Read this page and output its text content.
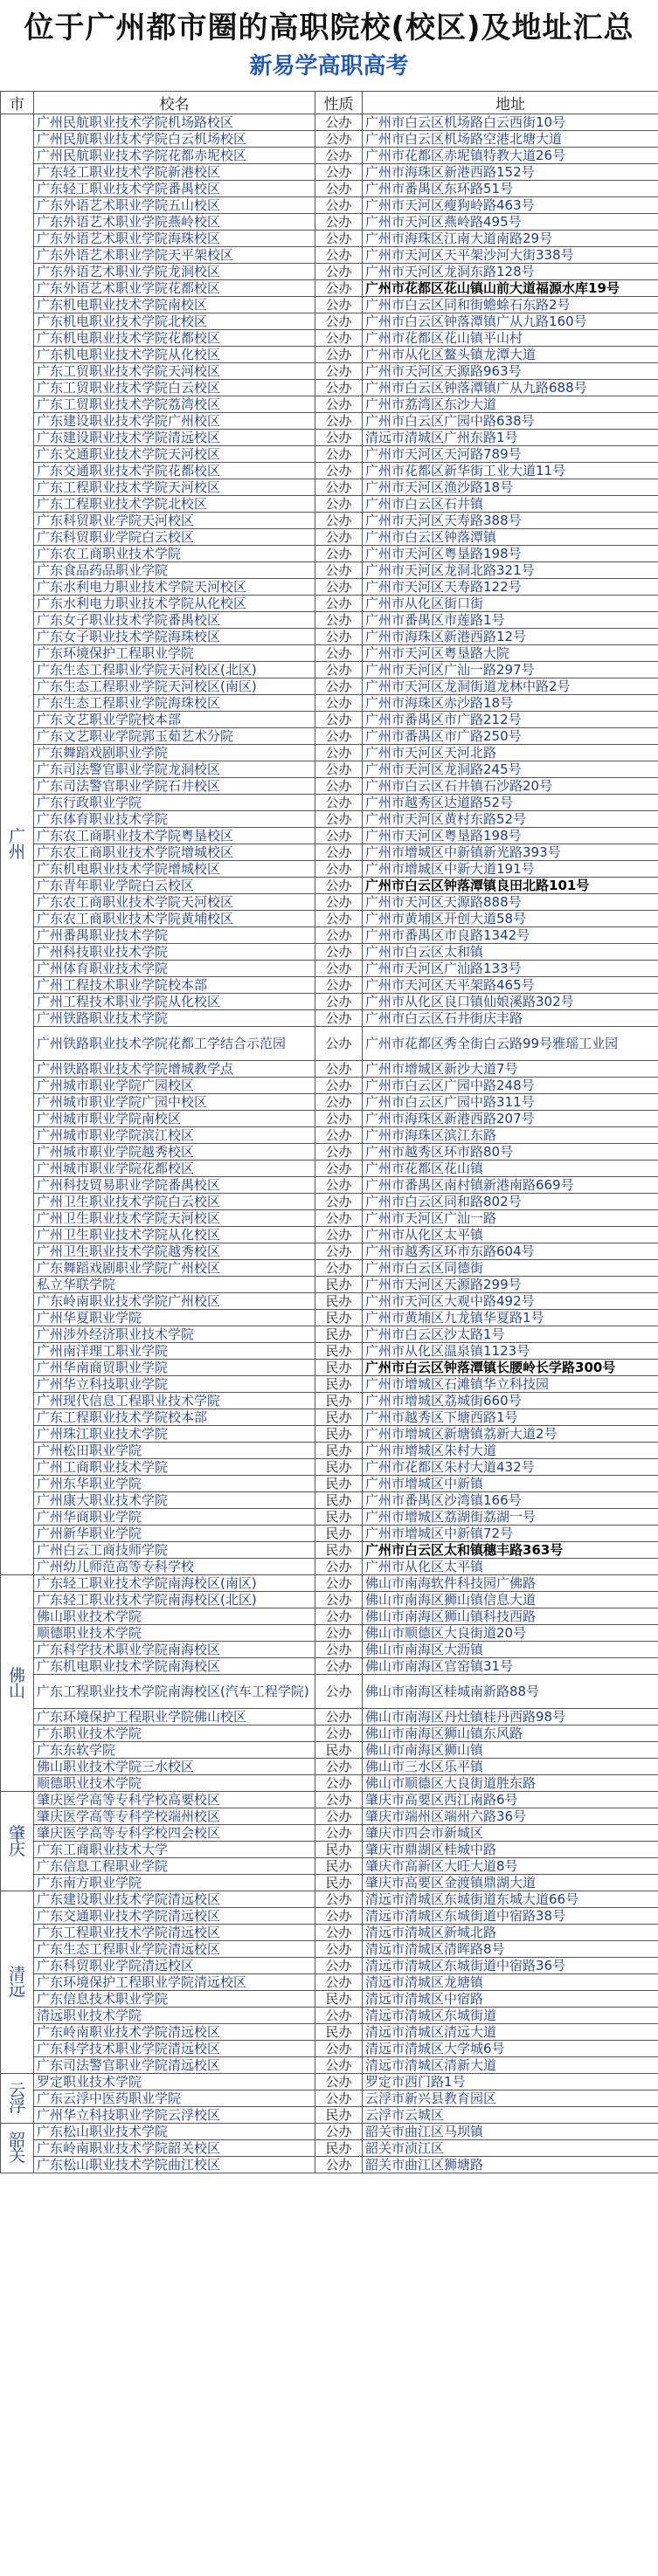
位于广州都市圈的高职院校(校区)及地址汇总
新易学高职高考
市	校名	性质	地址
广州	广州民航职业技术学院机场路校区	公办	广州市白云区机场路白云西街10号
	广州民航职业技术学院白云机场校区	公办	广州市白云区机场路空港北塘大道
	广州民航职业技术学院花都赤坭校区	公办	广州市花都区赤坭镇特教大道26号
	广东轻工职业技术学院新港校区	公办	广州市海珠区新港西路152号
	广东轻工职业技术学院番禺校区	公办	广州市番禺区东环路51号
	广东外语艺术职业学院五山校区	公办	广州市天河区瘦狗岭路463号
	广东外语艺术职业学院燕岭校区	公办	广州市天河区燕岭路495号
	广东外语艺术职业学院海珠校区	公办	广州市海珠区江南大道南路29号
	广东外语艺术职业学院天平架校区	公办	广州市天河区天平架沙河大街338号
	广东外语艺术职业学院龙洞校区	公办	广州市天河区龙洞东路128号
	广东外语艺术职业学院花都校区	公办	广州市花都区花山镇山前大道福源水库19号
	广东机电职业技术学院南校区	公办	广州市白云区同和街蟾蜍石东路2号
	广东机电职业技术学院北校区	公办	广州市白云区钟落潭镇广从九路160号
	广东机电职业技术学院花都校区	公办	广州市花都区花山镇平山村
	广东机电职业技术学院从化校区	公办	广州市从化区鳌头镇龙潭大道
	广东工贸职业技术学院天河校区	公办	广州市天河区天源路963号
	广东工贸职业技术学院白云校区	公办	广州市白云区钟落潭镇广从九路688号
	广东工贸职业技术学院荔湾校区	公办	广州市荔湾区东沙大道
	广东建设职业技术学院广州校区	公办	广州市白云区广园中路638号
	广东建设职业技术学院清远校区	公办	清远市清城区广州东路1号
	广东交通职业技术学院天河校区	公办	广州市天河区天河路789号
	广东交通职业技术学院花都校区	公办	广州市花都区新华街工业大道11号
	广东工程职业技术学院天河校区	公办	广州市天河区渔沙路18号
	广东工程职业技术学院北校区	公办	广州市白云区石井镇
	广东科贸职业学院天河校区	公办	广州市天河区天寿路388号
	广东科贸职业学院白云校区	公办	广州市白云区钟落潭镇
	广东农工商职业技术学院	公办	广州市天河区粤垦路198号
	广东食品药品职业学院	公办	广州市天河区龙洞北路321号
	广东水利电力职业技术学院天河校区	公办	广州市天河区天寿路122号
	广东水利电力职业技术学院从化校区	公办	广州市从化区街口街
	广东女子职业技术学院番禺校区	公办	广州市番禺区市莲路1号
	广东女子职业技术学院海珠校区	公办	广州市海珠区新港西路12号
	广东环境保护工程职业学院	公办	广州市天河区粤垦路大院
	广东生态工程职业学院天河校区(北区)	公办	广州市天河区广汕一路297号
	广东生态工程职业学院天河校区(南区)	公办	广州市天河区龙洞街道龙林中路2号
	广东生态工程职业学院海珠校区	公办	广州市海珠区赤沙路18号
	广东文艺职业学院校本部	公办	广州市番禺区市广路212号
	广东文艺职业学院郭玉茹艺术分院	公办	广州市番禺区市广路250号
	广东舞蹈戏剧职业学院	公办	广州市天河区天河北路
	广东司法警官职业学院龙洞校区	公办	广州市天河区龙洞路245号
	广东司法警官职业学院石井校区	公办	广州市白云区石井镇石沙路20号
	广东行政职业学院	公办	广州市越秀区达道路52号
	广东体育职业技术学院	公办	广州市天河区黄村东路52号
	广东农工商职业技术学院粤垦校区	公办	广州市天河区粤垦路198号
	广东农工商职业技术学院增城校区	公办	广州市增城区中新镇新光路393号
	广东机电职业技术学院增城校区	公办	广州市增城区中新大道191号
	广东青年职业学院白云校区	公办	广州市白云区钟落潭镇良田北路101号
	广东农工商职业技术学院天河校区	公办	广州市天河区天源路888号
	广东农工商职业技术学院黄埔校区	公办	广州市黄埔区开创大道58号
	广州番禺职业技术学院	公办	广州市番禺区市良路1342号
	广州科技职业技术学院	公办	广州市白云区太和镇
	广州体育职业技术学院	公办	广州市天河区广汕路133号
	广州工程技术职业学院校本部	公办	广州市天河区天平架路465号
	广州工程技术职业学院从化校区	公办	广州市从化区良口镇仙娘溪路302号
	广州铁路职业技术学院	公办	广州市白云区石井街庆丰路
	广州铁路职业技术学院花都工学结合示范园	公办	广州市花都区秀全街白云路99号雅瑶工业园
	广州铁路职业技术学院增城教学点	公办	广州市增城区新沙大道7号
	广州城市职业学院广园校区	公办	广州市白云区广园中路248号
	广州城市职业学院广园中校区	公办	广州市白云区广园中路311号
	广州城市职业学院南校区	公办	广州市海珠区新港西路207号
	广州城市职业学院滨江校区	公办	广州市海珠区滨江东路
	广州城市职业学院越秀校区	公办	广州市越秀区环市路80号
	广州城市职业学院花都校区	公办	广州市花都区花山镇
	广州科技贸易职业学院番禺校区	公办	广州市番禺区南村镇新港南路669号
	广州卫生职业技术学院白云校区	公办	广州市白云区同和路802号
	广州卫生职业技术学院天河校区	公办	广州市天河区广汕一路
	广州卫生职业技术学院从化校区	公办	广州市从化区太平镇
	广州卫生职业技术学院越秀校区	公办	广州市越秀区环市东路604号
	广东舞蹈戏剧职业学院广州校区	公办	广州市白云区同德街
	私立华联学院	民办	广州市天河区天源路299号
	广东岭南职业技术学院广州校区	民办	广州市天河区大观中路492号
	广州华夏职业学院	民办	广州市黄埔区九龙镇华夏路1号
	广州涉外经济职业技术学院	民办	广州市白云区沙太路1号
	广州南洋理工职业学院	民办	广州市从化区温泉镇1123号
	广州华南商贸职业学院	民办	广州市白云区钟落潭镇长腰岭长学路300号
	广州华立科技职业学院	民办	广州市增城区石滩镇华立科技园
	广州现代信息工程职业技术学院	民办	广州市增城区荔城街660号
	广东工程职业技术学院校本部	民办	广州市越秀区下塘西路1号
	广州珠江职业技术学院	民办	广州市增城区新塘镇荔新大道2号
	广州松田职业学院	民办	广州市增城区朱村大道
	广州工商职业技术学院	民办	广州市花都区朱村大道432号
	广州东华职业学院	民办	广州市增城区中新镇
	广州康大职业技术学院	民办	广州市番禺区沙湾镇166号
	广州华商职业学院	民办	广州市增城区荔湖街荔湖一号
	广州新华职业学院	民办	广州市增城区中新镇72号
	广州白云工商技师学院	民办	广州市白云区太和镇穗丰路363号
	广州幼儿师范高等专科学校	公办	广州市从化区太平镇
佛山	广东轻工职业技术学院南海校区(南区)	公办	佛山市南海软件科技园广佛路
	广东轻工职业技术学院南海校区(北区)	公办	佛山市南海区狮山镇信息大道
	佛山职业技术学院	公办	佛山市南海区狮山镇科技西路
	顺德职业技术学院	公办	佛山市顺德区大良街道20号
	广东科学技术职业学院南海校区	公办	佛山市南海区大沥镇
	广东机电职业技术学院南海校区	公办	佛山市南海区官窑镇31号
	广东工程职业技术学院南海校区(汽车工程学院)	公办	佛山市南海区桂城南新路88号
	广东环境保护工程职业学院佛山校区	公办	佛山市南海区丹灶镇桂丹西路98号
	广东职业技术学院	公办	佛山市南海区狮山镇东风路
	广东东软学院	民办	佛山市南海区狮山镇
	佛山职业技术学院三水校区	公办	佛山市三水区乐平镇
	顺德职业技术学院	公办	佛山市顺德区大良街道胜东路
肇庆	肇庆医学高等专科学校高要校区	公办	肇庆市高要区西江南路6号
	肇庆医学高等专科学校端州校区	公办	肇庆市端州区端州六路36号
	肇庆医学高等专科学校四会校区	公办	肇庆市四会市新城区
	广东工商职业技术大学	民办	肇庆市鼎湖区桂城中路
	广东信息工程职业学院	民办	肇庆市高新区大旺大道8号
	广东南方职业学院	民办	肇庆市高要区金渡镇鼎湖大道
清远	广东建设职业技术学院清远校区	公办	清远市清城区东城街道东城大道66号
	广东交通职业技术学院清远校区	公办	清远市清城区东城街道中宿路38号
	广东工程职业技术学院清远校区	公办	清远市清城区新城北路
	广东生态工程职业学院清远校区	公办	清远市清城区清晖路8号
	广东科贸职业学院清远校区	公办	清远市清城区东城街道中宿路36号
	广东环境保护工程职业学院清远校区	公办	清远市清城区龙塘镇
	广东信息技术职业学院	民办	清远市清城区中宿路
	清远职业技术学院	公办	清远市清城区东城街道
	广东岭南职业技术学院清远校区	民办	清远市清城区清远大道
	广东科学技术职业学院清远校区	公办	清远市清城区大学城6号
	广东司法警官职业学院清远校区	公办	清远市清城区清新大道
云浮	罗定职业技术学院	公办	罗定市西门路1号
	广东云浮中医药职业学院	公办	云浮市新兴县教育园区
	广州华立科技职业学院云浮校区	民办	云浮市云城区
韶关	广东松山职业技术学院	公办	韶关市曲江区马坝镇
	广东岭南职业技术学院韶关校区	民办	韶关市浈江区
	广东松山职业技术学院曲江校区	公办	韶关市曲江区狮塘路
